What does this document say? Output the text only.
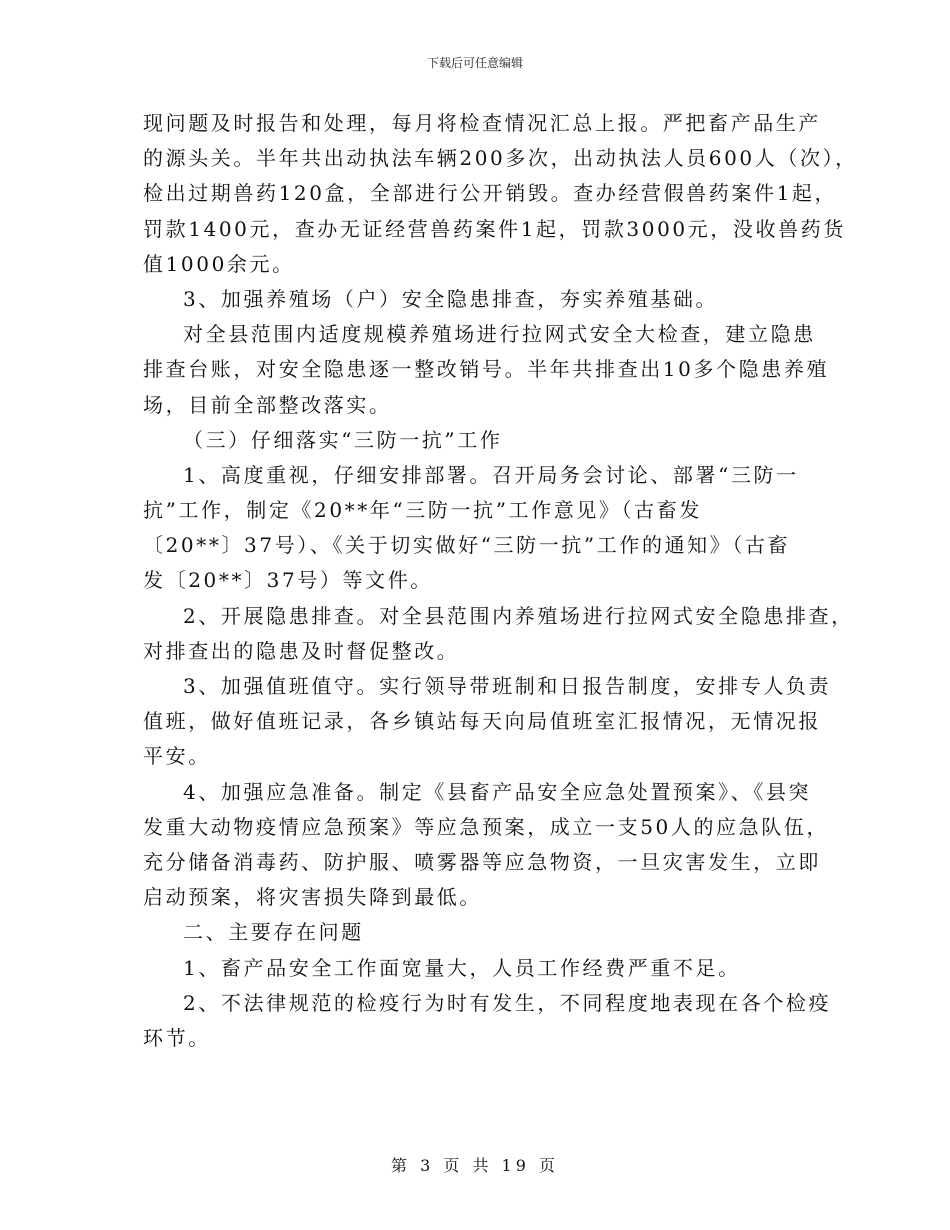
下载后可任意编辑
现问题及时报告和处理，每月将检查情况汇总上报。严把畜产品生产
的源头关。半年共出动执法车辆200多次，出动执法人员600人（次），
检出过期兽药120盒，全部进行公开销毁。查办经营假兽药案件1起，
罚款1400元，查办无证经营兽药案件1起，罚款3000元，没收兽药货
值1000余元。
3、加强养殖场（户）安全隐患排查，夯实养殖基础。
对全县范围内适度规模养殖场进行拉网式安全大检查，建立隐患
排查台账，对安全隐患逐一整改销号。半年共排查出10多个隐患养殖
场，目前全部整改落实。
（三）仔细落实“三防一抗”工作
1、高度重视，仔细安排部署。召开局务会讨论、部署“三防一
抗”工作，制定《20**年“三防一抗”工作意见》（古畜发
〔20**〕37号）、《关于切实做好“三防一抗”工作的通知》（古畜
发〔20**〕37号）等文件。
2、开展隐患排查。对全县范围内养殖场进行拉网式安全隐患排查，
对排查出的隐患及时督促整改。
3、加强值班值守。实行领导带班制和日报告制度，安排专人负责
值班，做好值班记录，各乡镇站每天向局值班室汇报情况，无情况报
平安。
4、加强应急准备。制定《县畜产品安全应急处置预案》、《县突
发重大动物疫情应急预案》等应急预案，成立一支50人的应急队伍，
充分储备消毒药、防护服、喷雾器等应急物资，一旦灾害发生，立即
启动预案，将灾害损失降到最低。
二、主要存在问题
1、畜产品安全工作面宽量大，人员工作经费严重不足。
2、不法律规范的检疫行为时有发生，不同程度地表现在各个检疫
环节。
第 3 页 共 19 页
